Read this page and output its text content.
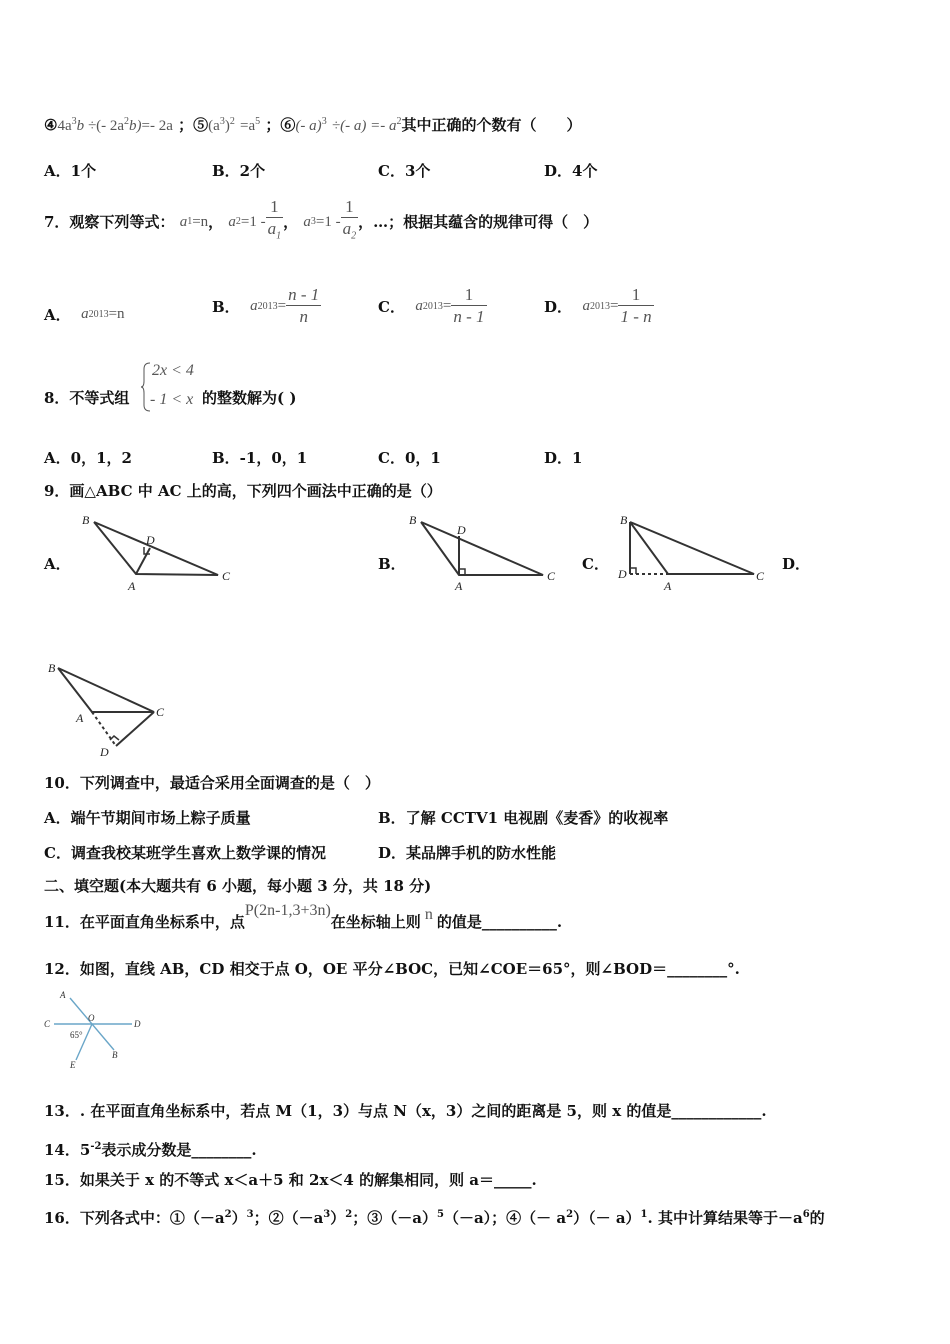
$④4a^3b$ ÷(- $2a^2b)=-$ 2a ；$⑤(a^3)^2 =a^5$ ；⑥(- a)$^3$ ÷(- $a) =- a^2$其中正确的个数有（　　）
A．1个	B．2个	C．3个	D．4个
7．观察下列等式：
a 1 =n ，
a $2 =1 - \frac{1}{a_1}$ ，
a $3 =1 - \frac{1}{a_2}$ ，…；根据其蕴含的规律可得（　）
A．
a 2013 =n	B．
a $2013 = \frac{n - 1}{n}$	C．
a $2013 = \frac{1}{n - 1}$	D．
a $2013 = \frac{1}{1 - n}$
8．不等式组
2x < 4
- 1 < x 的整数解为( )
A．0，1，2	B．-1，0，1	C．0，1	D．1
9．画△ABC 中 AC 上的高，下列四个画法中正确的是（）
A．
B
D
A
C
B．
B
D
A
C
C．
B
D
A
C
D．
B
A	C
D
10．下列调查中，最适合采用全面调查的是（　）
A．端午节期间市场上粽子质量	B．了解 CCTV1 电视剧《麦香》的收视率
C．调查我校某班学生喜欢上数学课的情况	D．某品牌手机的防水性能
二、填空题(本大题共有 6 小题，每小题 3 分，共 18 分)
11．在平面直角坐标系中，点P(2n-1,3+3n)在坐标轴上则 n 的值是__________.
12．如图，直线 AB，CD 相交于点 O，OE 平分∠BOC，已知∠COE＝65°，则∠BOD＝________°.
A
C
O
D
B
E
65°
13．. 在平面直角坐标系中，若点 M（1，3）与点 N（x，3）之间的距离是 5，则 x 的值是____________.
14．$5^{-2}$表示成分数是________.
15．如果关于 x 的不等式 x＜a＋5 和 2x＜4 的解集相同，则 a＝_____.
16．下列各式中：$①(-a^2)^3$；$②(-a^3)^2$；$③(-a)^5(-a)$；④（－ $a^2)(- a)^1$. 其中计算结果等于$-a^6$的
